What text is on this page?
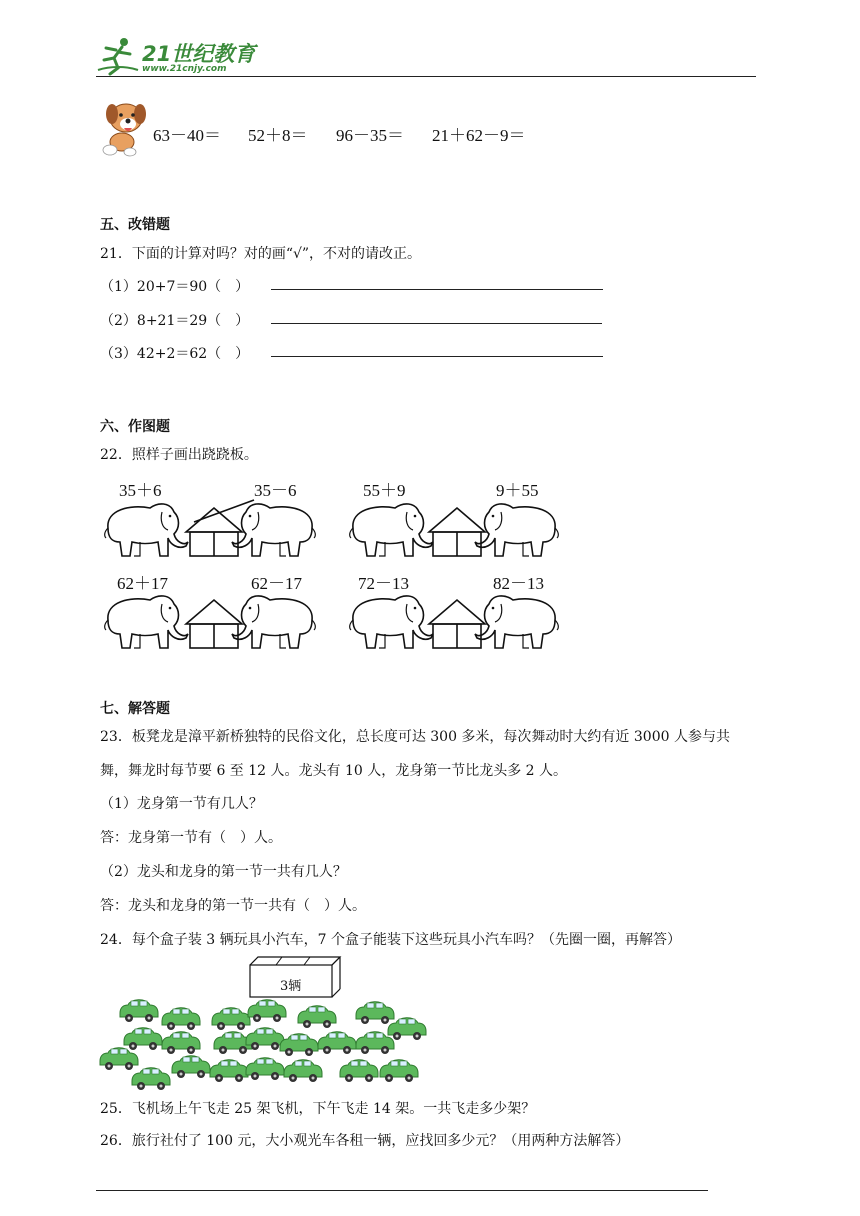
21世纪教育
www.21cnjy.com
63－40＝ 52＋8＝ 96－35＝ 21＋62－9＝
五、改错题
21．下面的计算对吗？对的画“√”，不对的请改正。
（1）20+7＝90（　）
（2）8+21＝29（　）
（3）42+2＝62（　）
六、作图题
22．照样子画出跷跷板。
35＋6	35－6	55＋9	9＋55
62＋17	62－17	72－13	82－13
七、解答题
23．板凳龙是漳平新桥独特的民俗文化，总长度可达 300 多米，每次舞动时大约有近 3000 人参与共
舞，舞龙时每节要 6 至 12 人。龙头有 10 人，龙身第一节比龙头多 2 人。
（1）龙身第一节有几人？
答：龙身第一节有（　）人。
（2）龙头和龙身的第一节一共有几人？
答：龙头和龙身的第一节一共有（　）人。
24．每个盒子装 3 辆玩具小汽车，7 个盒子能装下这些玩具小汽车吗？（先圈一圈，再解答）
3辆
25．飞机场上午飞走 25 架飞机，下午飞走 14 架。一共飞走多少架？
26．旅行社付了 100 元，大小观光车各租一辆，应找回多少元？（用两种方法解答）
